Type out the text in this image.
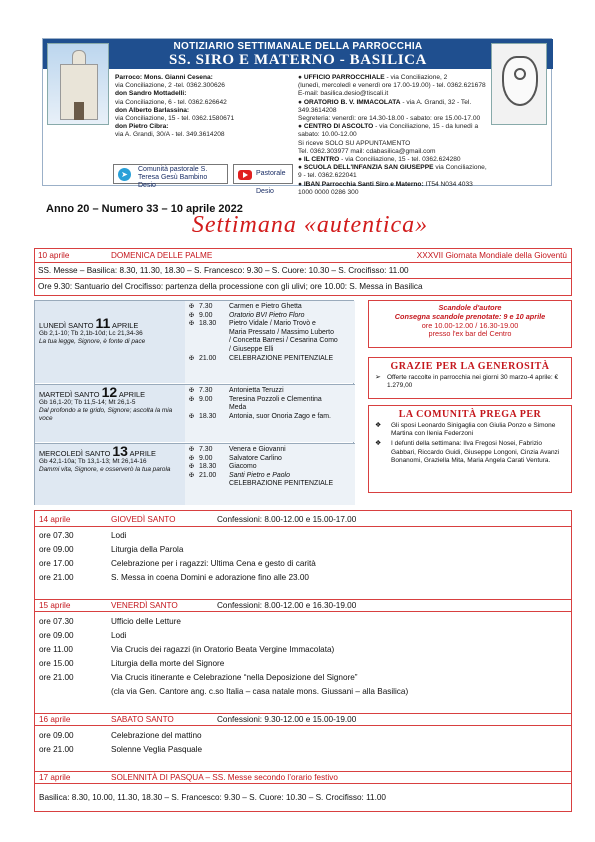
NOTIZIARIO SETTIMANALE DELLA PARROCCHIA
SS. SIRO E MATERNO - BASILICA
Parroco: Mons. Gianni Cesena:
via Conciliazione, 2 -tel. 0362.300626
don Sandro Mottadelli:
via Conciliazione, 6 - tel. 0362.626642
don Alberto Barlassina:
via Conciliazione, 15 - tel. 0362.1580671
don Pietro Cibra:
via A. Grandi, 30/A - tel. 349.3614208
● UFFICIO PARROCCHIALE - via Conciliazione, 2
(lunedì, mercoledì e venerdì ore 17.00-19.00) - tel. 0362.621678
E-mail: basilica.desio@tiscali.it
● ORATORIO B. V. IMMACOLATA - via A. Grandi, 32 - Tel. 349.3614208
Segreteria: venerdì: ore 14.30-18.00 - sabato: ore 15.00-17.00
● CENTRO DI ASCOLTO - via Conciliazione, 15 - da lunedì a sabato: 10.00-12.00
Si riceve SOLO SU APPUNTAMENTO
Tel. 0362.303977 mail: cdabasilica@gmail.com
● IL CENTRO - via Conciliazione, 15 - tel. 0362.624280
● SCUOLA DELL'INFANZIA SAN GIUSEPPE via Conciliazione, 9 - tel. 0362.622041
● IBAN Parrocchia Santi Siro e Materno: IT54 N034 4033 1000 0000 0286 300
➤
Comunità pastorale S. Teresa Gesù Bambino Desio
Pastorale Desio
Anno 20 – Numero 33 – 10 aprile 2022
Settimana «autentica»
10 aprile	DOMENICA DELLE PALME	XXXVII Giornata Mondiale della Gioventù
SS. Messe – Basilica: 8.30, 11.30, 18.30 – S. Francesco: 9.30 – S. Cuore: 10.30 – S. Crocifisso: 11.00
Ore 9.30: Santuario del Crocifisso: partenza della processione con gli ulivi; ore 10.00: S. Messa in Basilica
LUNEDÌ SANTO 11 APRILE
Gb 2,1-10; Tb 2,1b-10d; Lc 21,34-36
La tua legge, Signore, è fonte di pace
✠ 7.30 Carmen e Pietro Ghetta
✠ 9.00 Oratorio BVI Pietro Floro
✠ 18.30 Pietro Vidale / Mario Trovò e
Maria Pressato / Massimo Luberto
/ Concetta Barresi / Cesarina Como
/ Giuseppe Elli
✠ 21.00 CELEBRAZIONE PENITENZIALE
MARTEDÌ SANTO 12 APRILE
Gb 16,1-20; Tb 11,5-14; Mt 26,1-5
Dal profondo a te grido, Signore; ascolta la mia voce
✠ 7.30 Antonietta Teruzzi
✠ 9.00 Teresina Pozzoli e Clementina
Meda
✠ 18.30 Antonia, suor Onoria Zago e fam.
MERCOLEDÌ SANTO 13 APRILE
Gb 42,1-10a; Tb 13,1-13; Mt 26,14-16
Dammi vita, Signore, e osserverò la tua parola
✠ 7.30 Venera e Giovanni
✠ 9.00 Salvatore Carlino
✠ 18.30 Giacomo
✠ 21.00 Santi Pietro e Paolo
CELEBRAZIONE PENITENZIALE
Scandole d'autore
Consegna scandole prenotate: 9 e 10 aprile
ore 10.00-12.00 / 16.30-19.00
presso l'ex bar del Centro
GRAZIE PER LA GENEROSITÀ

➢ Offerte raccolte in parrocchia nei giorni 30 marzo-4 aprile: € 1.279,00

LA COMUNITÀ PREGA PER

❖ Gli sposi Leonardo Sinigaglia con Giulia Ponzo e Simone Martina con Ilenia Federzoni

❖ I defunti della settimana: Ilva Fregosi Nosei, Fabrizio Gabbari, Riccardo Guidi, Giuseppe Longoni, Cinzia Avanzi Bonanomi, Graziella Mita, Maria Angela Carati Ventura.

14 aprile	GIOVEDÌ SANTO	Confessioni: 8.00-12.00 e 15.00-17.00
ore 07.30	Lodi
ore 09.00	Liturgia della Parola
ore 17.00	Celebrazione per i ragazzi: Ultima Cena e gesto di carità
ore 21.00	S. Messa in coena Domini e adorazione fino alle 23.00
15 aprile	VENERDÌ SANTO	Confessioni: 8.00-12.00 e 16.30-19.00
ore 07.30	Ufficio delle Letture
ore 09.00	Lodi
ore 11.00	Via Crucis dei ragazzi (in Oratorio Beata Vergine Immacolata)
ore 15.00	Liturgia della morte del Signore
ore 21.00	Via Crucis itinerante e Celebrazione “nella Deposizione del Signore”
(cla via Gen. Cantore ang. c.so Italia – casa natale mons. Giussani – alla Basilica)
16 aprile	SABATO SANTO	Confessioni: 9.30-12.00 e 15.00-19.00
ore 09.00	Celebrazione del mattino
ore 21.00	Solenne Veglia Pasquale
17 aprile	SOLENNITÀ DI PASQUA – SS. Messe secondo l’orario festivo
Basilica: 8.30, 10.00, 11.30, 18.30 – S. Francesco: 9.30 – S. Cuore: 10.30 – S. Crocifisso: 11.00
